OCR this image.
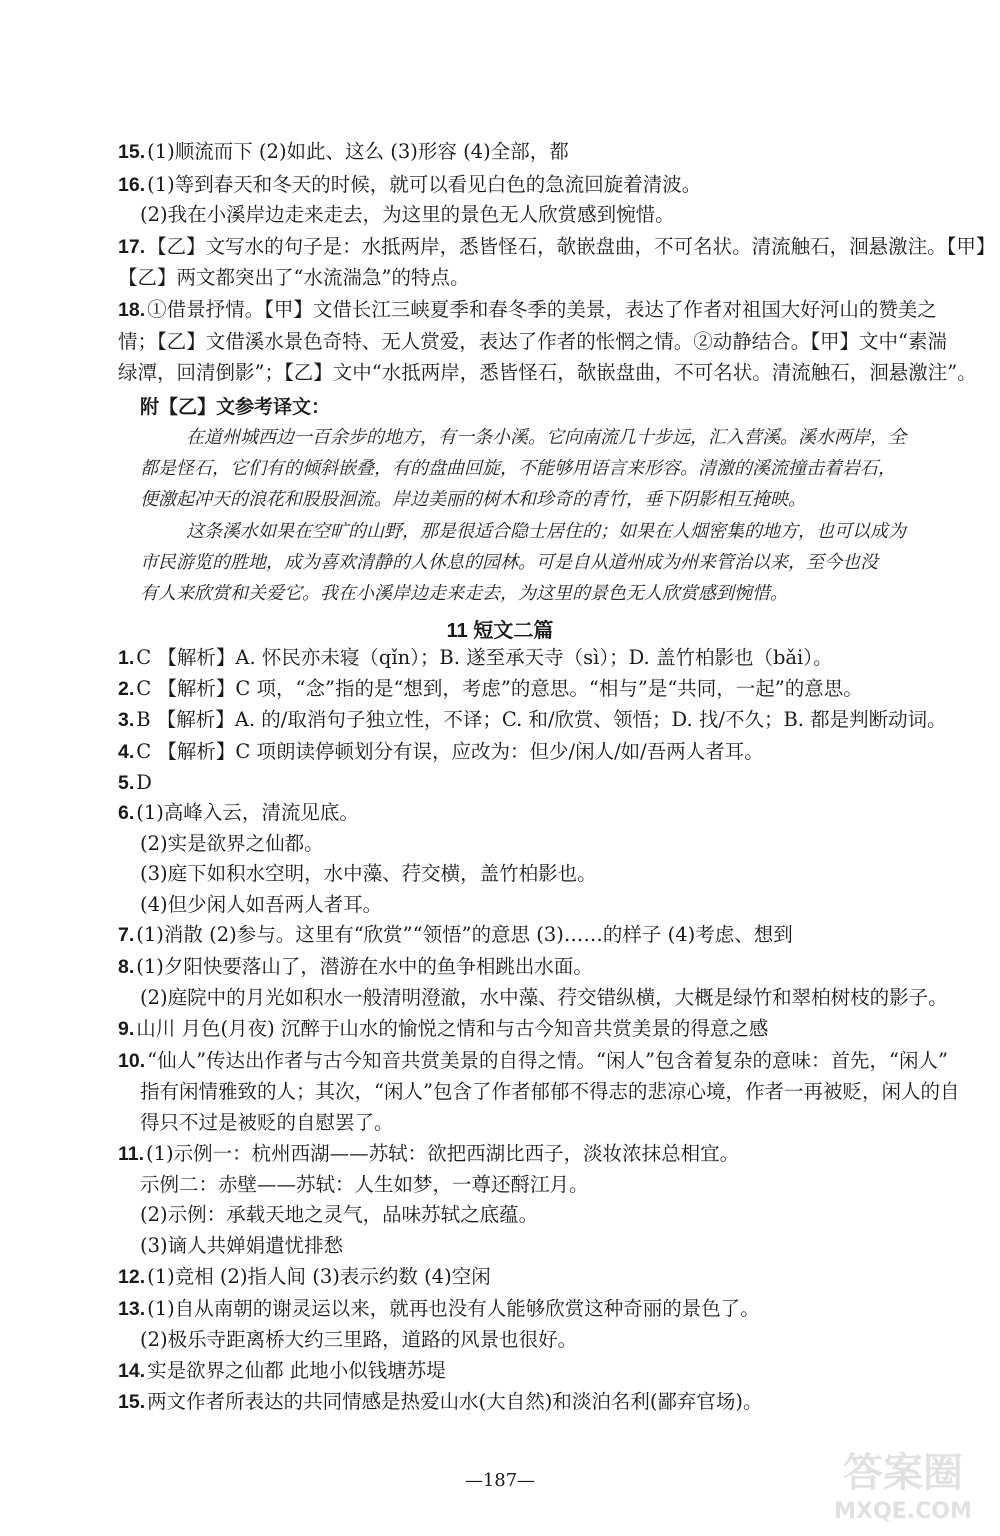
15. (1)顺流而下 (2)如此、这么 (3)形容 (4)全部，都
16. (1)等到春天和冬天的时候，就可以看见白色的急流回旋着清波。
(2)我在小溪岸边走来走去，为这里的景色无人欣赏感到惋惜。
17. 【乙】文写水的句子是：水抵两岸，悉皆怪石，欹嵌盘曲，不可名状。清流触石，洄悬激注。【甲】
【乙】两文都突出了“水流湍急”的特点。
18. ①借景抒情。【甲】文借长江三峡夏季和春冬季的美景，表达了作者对祖国大好河山的赞美之
情；【乙】文借溪水景色奇特、无人赏爱，表达了作者的怅惘之情。②动静结合。【甲】文中“素湍
绿潭，回清倒影”；【乙】文中“水抵两岸，悉皆怪石，欹嵌盘曲，不可名状。清流触石，洄悬激注”。
附【乙】文参考译文：
在道州城西边一百余步的地方，有一条小溪。它向南流几十步远，汇入营溪。溪水两岸，全
都是怪石，它们有的倾斜嵌叠，有的盘曲回旋，不能够用语言来形容。清激的溪流撞击着岩石，
便激起冲天的浪花和股股洄流。岸边美丽的树木和珍奇的青竹，垂下阴影相互掩映。
这条溪水如果在空旷的山野，那是很适合隐士居住的；如果在人烟密集的地方，也可以成为
市民游览的胜地，成为喜欢清静的人休息的园林。可是自从道州成为州来管治以来，至今也没
有人来欣赏和关爱它。我在小溪岸边走来走去，为这里的景色无人欣赏感到惋惜。
11 短文二篇
1. C 【解析】A. 怀民亦未寝（qǐn）；B. 遂至承天寺（sì）；D. 盖竹柏影也（bǎi）。
2. C 【解析】C 项，“念”指的是“想到，考虑”的意思。“相与”是“共同，一起”的意思。
3. B 【解析】A. 的/取消句子独立性，不译；C. 和/欣赏、领悟；D. 找/不久；B. 都是判断动词。
4. C 【解析】C 项朗读停顿划分有误，应改为：但少/闲人/如/吾两人者耳。
5. D
6. (1)高峰入云，清流见底。
(2)实是欲界之仙都。
(3)庭下如积水空明，水中藻、荇交横，盖竹柏影也。
(4)但少闲人如吾两人者耳。
7. (1)消散 (2)参与。这里有“欣赏”“领悟”的意思 (3)……的样子 (4)考虑、想到
8. (1)夕阳快要落山了，潜游在水中的鱼争相跳出水面。
(2)庭院中的月光如积水一般清明澄澈，水中藻、荇交错纵横，大概是绿竹和翠柏树枝的影子。
9. 山川 月色(月夜) 沉醉于山水的愉悦之情和与古今知音共赏美景的得意之感
10. “仙人”传达出作者与古今知音共赏美景的自得之情。“闲人”包含着复杂的意味：首先，“闲人”
指有闲情雅致的人；其次，“闲人”包含了作者郁郁不得志的悲凉心境，作者一再被贬，闲人的自
得只不过是被贬的自慰罢了。
11. (1)示例一：杭州西湖——苏轼：欲把西湖比西子，淡妆浓抹总相宜。
示例二：赤壁——苏轼：人生如梦，一尊还酹江月。
(2)示例：承载天地之灵气，品味苏轼之底蕴。
(3)谪人共婵娟遣忧排愁
12. (1)竞相 (2)指人间 (3)表示约数 (4)空闲
13. (1)自从南朝的谢灵运以来，就再也没有人能够欣赏这种奇丽的景色了。
(2)极乐寺距离桥大约三里路，道路的风景也很好。
14. 实是欲界之仙都 此地小似钱塘苏堤
15. 两文作者所表达的共同情感是热爱山水(大自然)和淡泊名利(鄙弃官场)。
—187—	答案圈
MXQE.COM
